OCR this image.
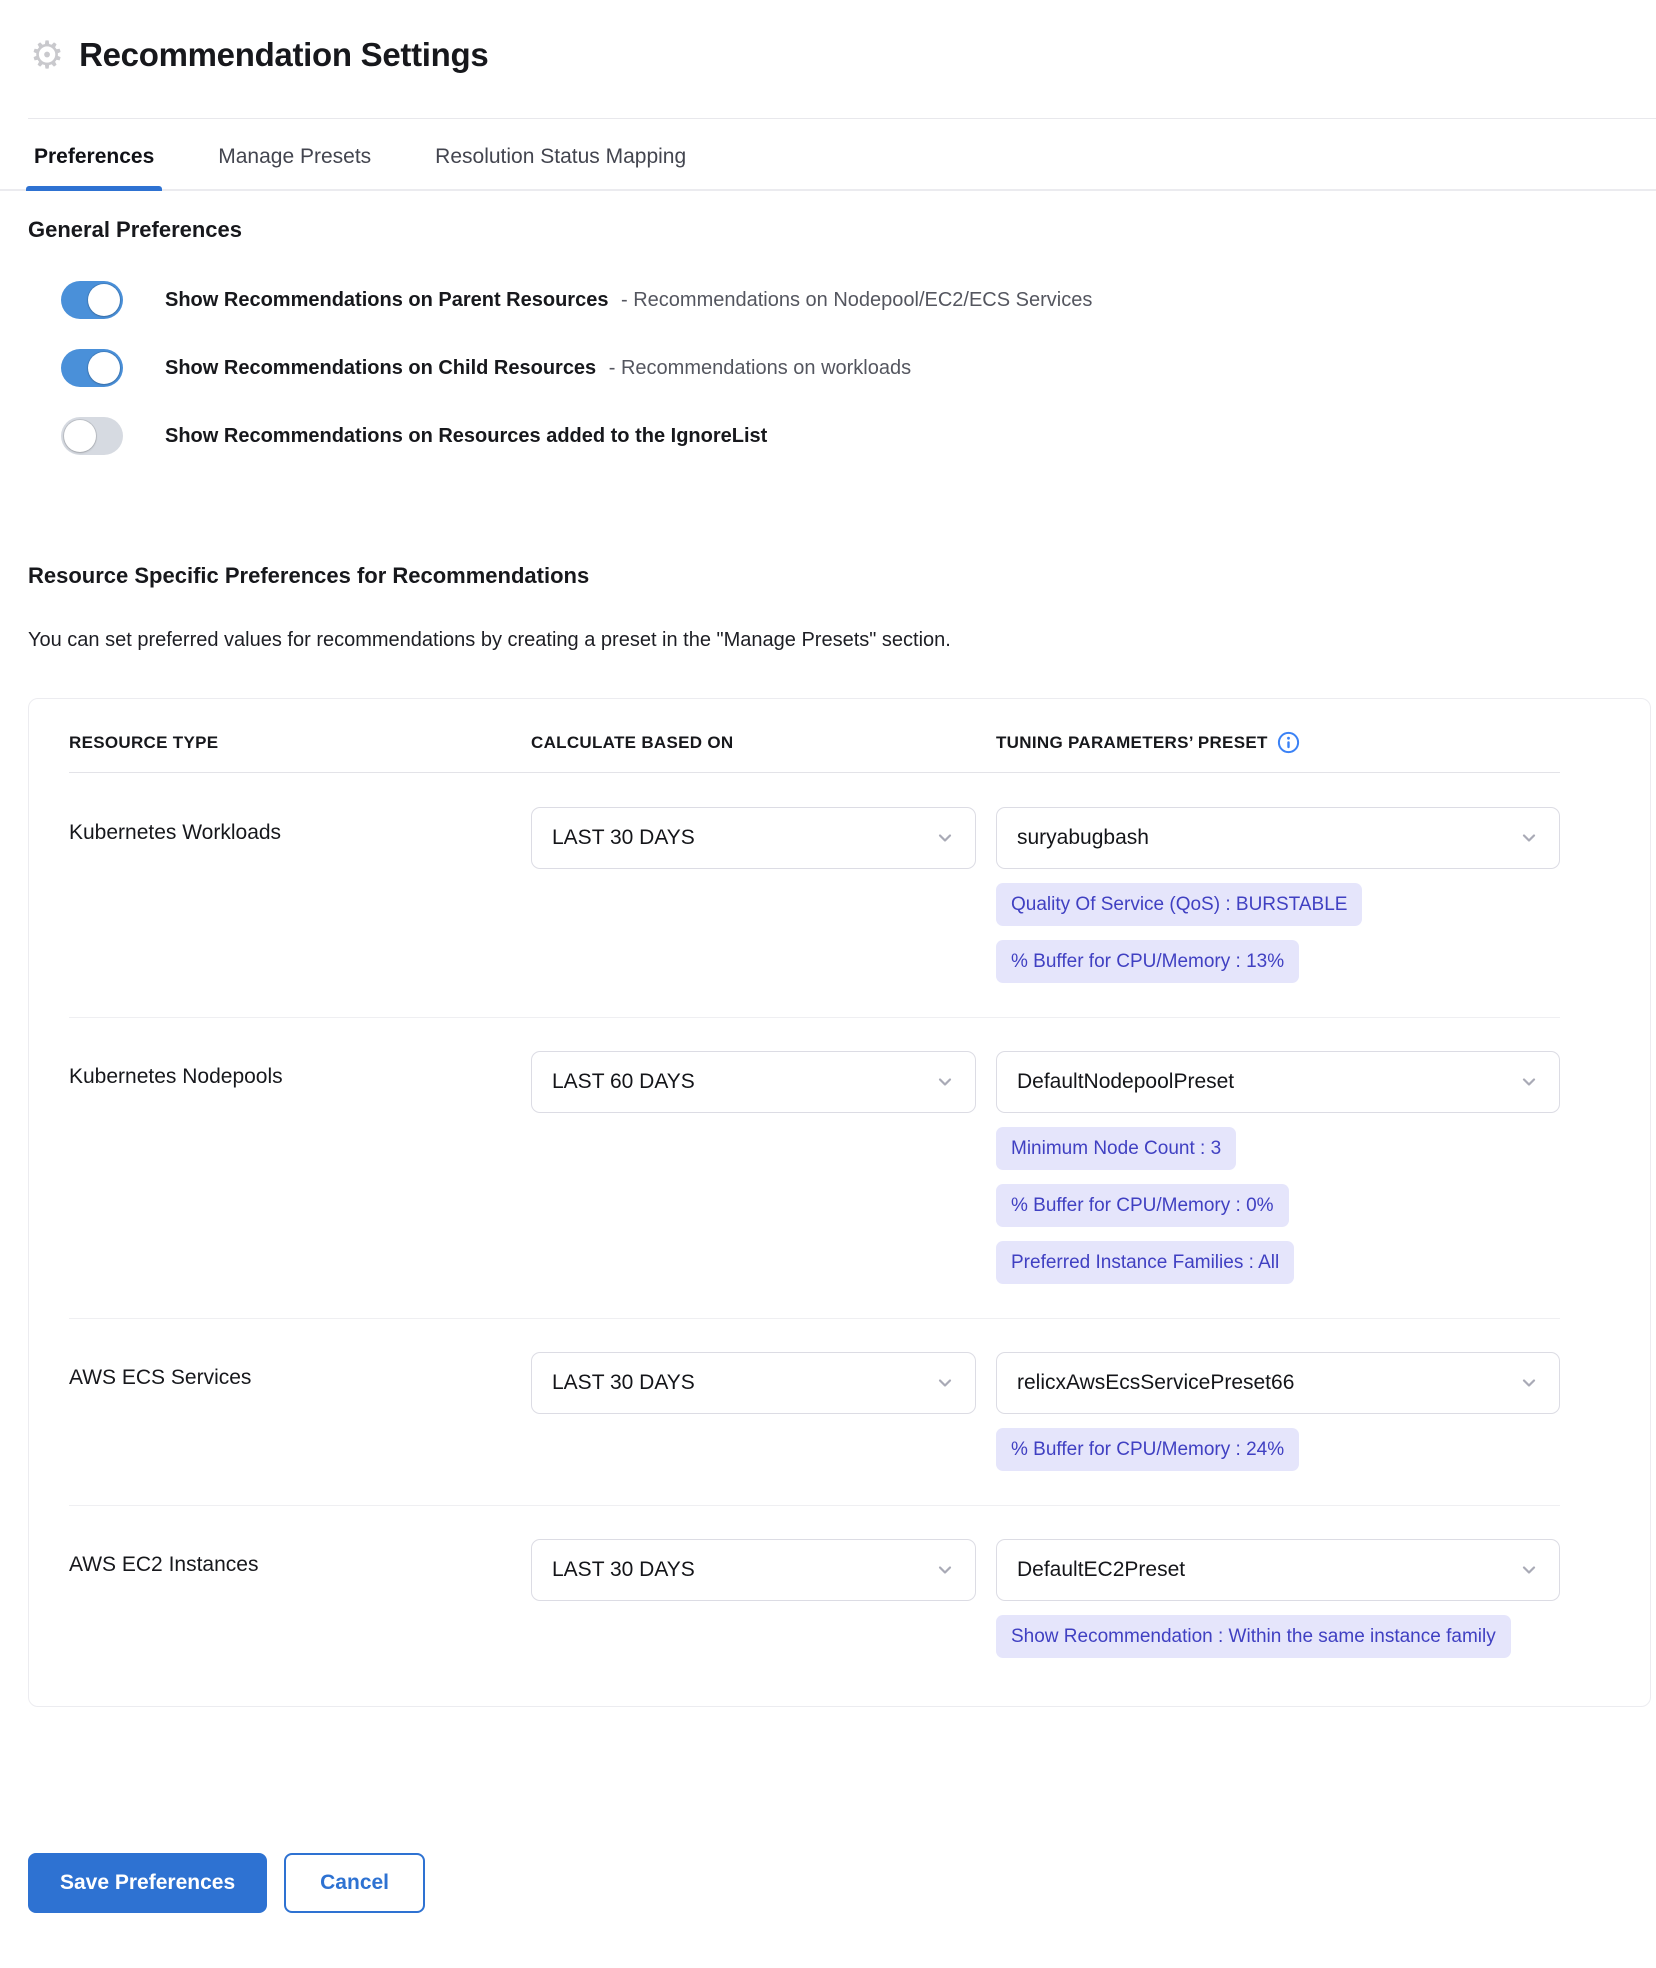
⚙ Recommendation Settings
Preferences	Manage Presets	Resolution Status Mapping
General Preferences
Show Recommendations on Parent Resources - Recommendations on Nodepool/EC2/ECS Services
Show Recommendations on Child Resources - Recommendations on workloads
Show Recommendations on Resources added to the IgnoreList
Resource Specific Preferences for Recommendations

You can set preferred values for recommendations by creating a preset in the "Manage Presets" section.

RESOURCE TYPE	CALCULATE BASED ON	TUNING PARAMETERS’ PRESET
Kubernetes Workloads	LAST 30 DAYS	suryabugbash
Quality Of Service (QoS) : BURSTABLE
% Buffer for CPU/Memory : 13%
Kubernetes Nodepools	LAST 60 DAYS	DefaultNodepoolPreset
Minimum Node Count : 3
% Buffer for CPU/Memory : 0%
Preferred Instance Families : All
AWS ECS Services	LAST 30 DAYS	relicxAwsEcsServicePreset66
% Buffer for CPU/Memory : 24%
AWS EC2 Instances	LAST 30 DAYS	DefaultEC2Preset
Show Recommendation : Within the same instance family
Save Preferences	Cancel
